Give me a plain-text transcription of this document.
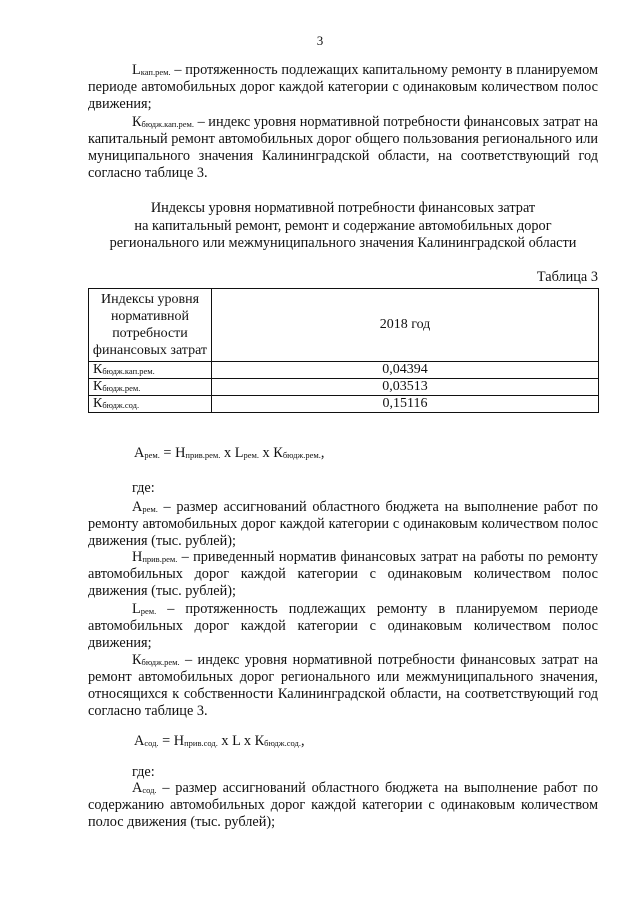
3
$L_{кап.рем.}$ – протяженность подлежащих капитальному ремонту в планируемом периоде автомобильных дорог каждой категории с одинаковым количеством полос движения;
$К_{бюдж.кап.рем.}$ – индекс уровня нормативной потребности финансовых затрат на капитальный ремонт автомобильных дорог общего пользования регионального или муниципального значения Калининградской области, на соответствующий год согласно таблице 3.
Индексы уровня нормативной потребности финансовых затрат
на капитальный ремонт, ремонт и содержание автомобильных дорог
регионального или межмуниципального значения Калининградской области
Таблица 3
Индексы уровня нормативной потребности финансовых затрат	2018 год
$К_{бюдж.кап.рем.}$	0,04394
$К_{бюдж.рем.}$	0,03513
$К_{бюдж.сод.}$	0,15116
$А_{рем.} = Н_{прив.рем.}$ х $L_{рем.}$ х $К_{бюдж.рем.}$,
где:
$А_{рем.}$ – размер ассигнований областного бюджета на выполнение работ по ремонту автомобильных дорог каждой категории с одинаковым количеством полос движения (тыс. рублей);
$Н_{прив.рем.}$ – приведенный норматив финансовых затрат на работы по ремонту автомобильных дорог каждой категории с одинаковым количеством полос движения (тыс. рублей);
$L_{рем.}$ – протяженность подлежащих ремонту в планируемом периоде автомобильных дорог каждой категории с одинаковым количеством полос движения;
$К_{бюдж.рем.}$ – индекс уровня нормативной потребности финансовых затрат на ремонт автомобильных дорог регионального или межмуниципального значения, относящихся к собственности Калининградской области, на соответствующий год согласно таблице 3.
$А_{сод.} = Н_{прив.сод.}$ х L х $К_{бюдж.сод.}$,
где:
$А_{сод.}$ – размер ассигнований областного бюджета на выполнение работ по содержанию автомобильных дорог каждой категории с одинаковым количеством полос движения (тыс. рублей);
